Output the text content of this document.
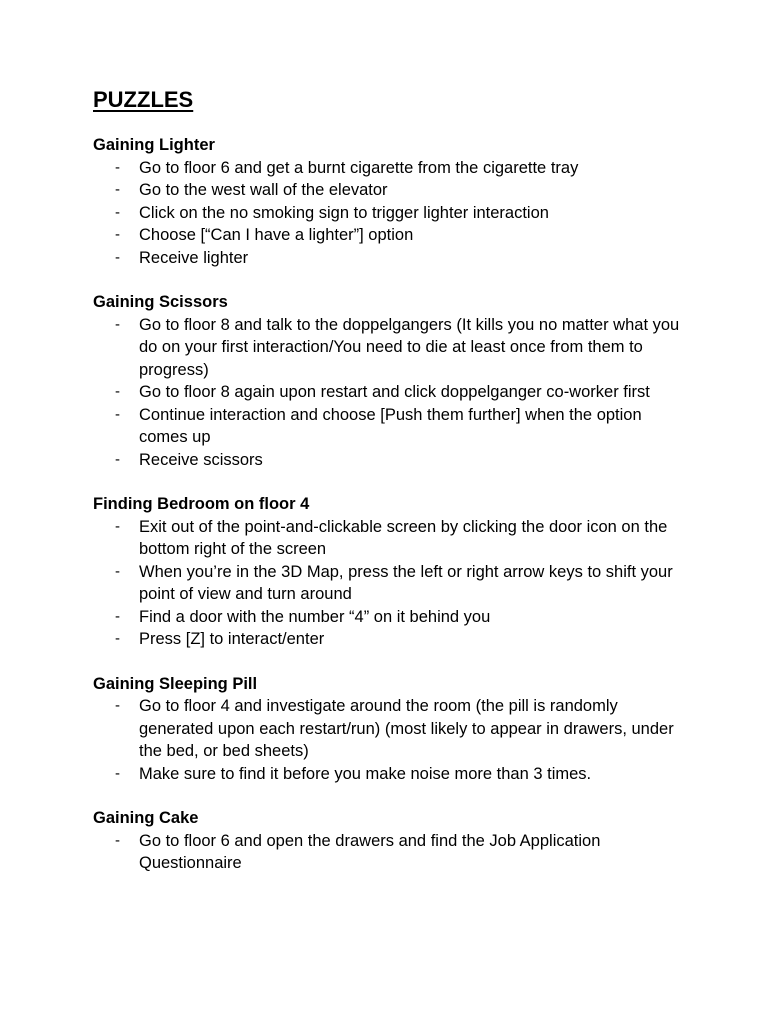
PUZZLES
Gaining Lighter
- Go to floor 6 and get a burnt cigarette from the cigarette tray
- Go to the west wall of the elevator
- Click on the no smoking sign to trigger lighter interaction
- Choose [“Can I have a lighter”] option
- Receive lighter
Gaining Scissors
- Go to floor 8 and talk to the doppelgangers (It kills you no matter what you do on your first interaction/You need to die at least once from them to progress)
- Go to floor 8 again upon restart and click doppelganger co-worker first
- Continue interaction and choose [Push them further] when the option comes up
- Receive scissors
Finding Bedroom on floor 4
- Exit out of the point-and-clickable screen by clicking the door icon on the bottom right of the screen
- When you’re in the 3D Map, press the left or right arrow keys to shift your point of view and turn around
- Find a door with the number “4” on it behind you
- Press [Z] to interact/enter
Gaining Sleeping Pill
- Go to floor 4 and investigate around the room (the pill is randomly generated upon each restart/run) (most likely to appear in drawers, under the bed, or bed sheets)
- Make sure to find it before you make noise more than 3 times.
Gaining Cake
- Go to floor 6 and open the drawers and find the Job Application Questionnaire
